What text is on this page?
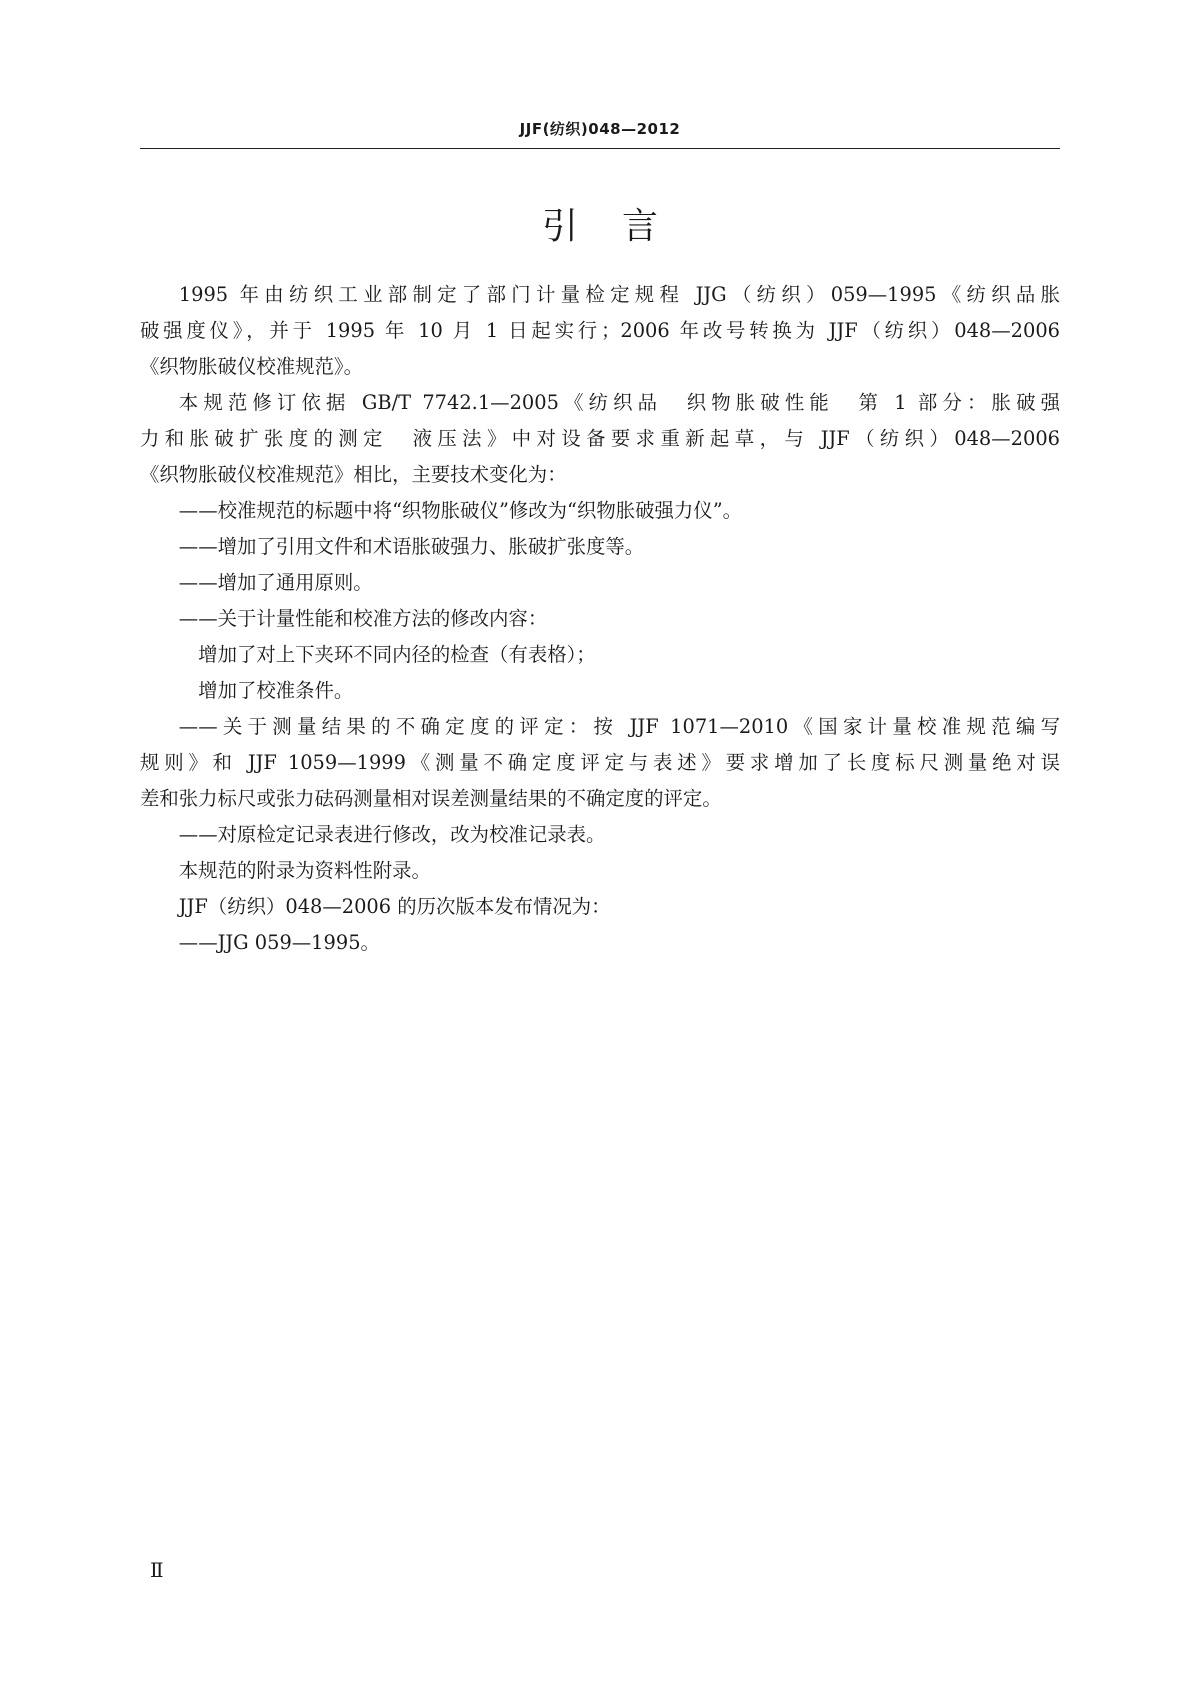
JJF(纺织)048—2012
引言

1995 年由纺织工业部制定了部门计量检定规程 JJG（纺织）059—1995《纺织品胀
破强度仪》，并于 1995 年 10 月 1 日起实行；2006 年改号转换为 JJF（纺织）048—2006
《织物胀破仪校准规范》。

本规范修订依据 GB/T 7742.1—2005《纺织品　织物胀破性能　第 1 部分：胀破强
力和胀破扩张度的测定　液压法》中对设备要求重新起草，与 JJF（纺织）048—2006
《织物胀破仪校准规范》相比，主要技术变化为：

——校准规范的标题中将“织物胀破仪”修改为“织物胀破强力仪”。

——增加了引用文件和术语胀破强力、胀破扩张度等。

——增加了通用原则。

——关于计量性能和校准方法的修改内容：

　增加了对上下夹环不同内径的检查（有表格）；

　增加了校准条件。

——关于测量结果的不确定度的评定：按 JJF 1071—2010《国家计量校准规范编写
规则》和 JJF 1059—1999《测量不确定度评定与表述》要求增加了长度标尺测量绝对误
差和张力标尺或张力砝码测量相对误差测量结果的不确定度的评定。

——对原检定记录表进行修改，改为校准记录表。

本规范的附录为资料性附录。

JJF（纺织）048—2006 的历次版本发布情况为：

——JJG 059—1995。

Ⅱ
